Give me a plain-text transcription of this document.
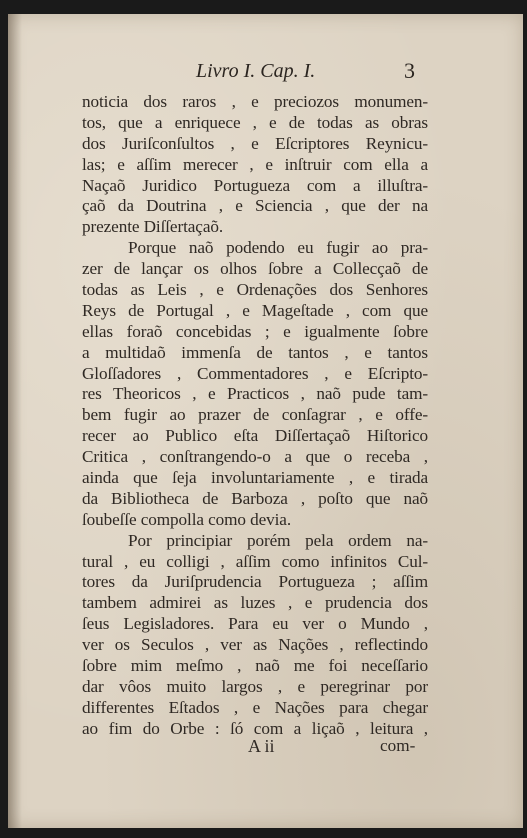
Livro I. Cap. I.	3
noticia dos raros , e preciozos monumen-
tos, que a enriquece , e de todas as obras
dos Juriſconſultos , e Eſcriptores Reynicu-
las; e aſſim merecer , e inſtruir com ella a
Naçaõ Juridico Portugueza com a illuſtra-
çaõ da Doutrina , e Sciencia , que der na
prezente Diſſertaçaõ.
Porque naõ podendo eu fugir ao pra-
zer de lançar os olhos ſobre a Collecçaõ de
todas as Leis , e Ordenações dos Senhores
Reys de Portugal , e Mageſtade , com que
ellas foraõ concebidas ; e igualmente ſobre
a multidaõ immenſa de tantos , e tantos
Gloſſadores , Commentadores , e Eſcripto-
res Theoricos , e Practicos , naõ pude tam-
bem fugir ao prazer de conſagrar , e offe-
recer ao Publico eſta Diſſertaçaõ Hiſtorico
Critica , conſtrangendo-o a que o receba ,
ainda que ſeja involuntariamente , e tirada
da Bibliotheca de Barboza , poſto que naõ
ſoubeſſe compolla como devia.
Por principiar porém pela ordem na-
tural , eu colligi , aſſim como infinitos Cul-
tores da Juriſprudencia Portugueza ; aſſim
tambem admirei as luzes , e prudencia dos
ſeus Legisladores. Para eu ver o Mundo ,
ver os Seculos , ver as Nações , reflectindo
ſobre mim meſmo , naõ me foi neceſſario
dar vôos muito largos , e peregrinar por
differentes Eſtados , e Nações para chegar
ao fim do Orbe : ſó com a liçaõ , leitura ,
A ii	com-
